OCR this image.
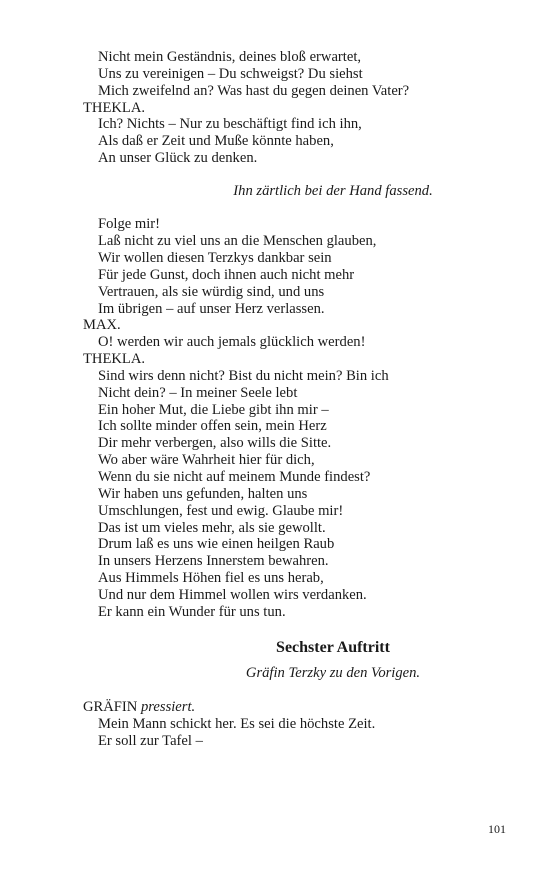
Nicht mein Geständnis, deines bloß erwartet,
Uns zu vereinigen – Du schweigst? Du siehst
Mich zweifelnd an? Was hast du gegen deinen Vater?
THEKLA.
Ich? Nichts – Nur zu beschäftigt find ich ihn,
Als daß er Zeit und Muße könnte haben,
An unser Glück zu denken.
Ihn zärtlich bei der Hand fassend.
Folge mir!
Laß nicht zu viel uns an die Menschen glauben,
Wir wollen diesen Terzkys dankbar sein
Für jede Gunst, doch ihnen auch nicht mehr
Vertrauen, als sie würdig sind, und uns
Im übrigen – auf unser Herz verlassen.
MAX.
O! werden wir auch jemals glücklich werden!
THEKLA.
Sind wirs denn nicht? Bist du nicht mein? Bin ich
Nicht dein? – In meiner Seele lebt
Ein hoher Mut, die Liebe gibt ihn mir –
Ich sollte minder offen sein, mein Herz
Dir mehr verbergen, also wills die Sitte.
Wo aber wäre Wahrheit hier für dich,
Wenn du sie nicht auf meinem Munde findest?
Wir haben uns gefunden, halten uns
Umschlungen, fest und ewig. Glaube mir!
Das ist um vieles mehr, als sie gewollt.
Drum laß es uns wie einen heilgen Raub
In unsers Herzens Innerstem bewahren.
Aus Himmels Höhen fiel es uns herab,
Und nur dem Himmel wollen wirs verdanken.
Er kann ein Wunder für uns tun.
Sechster Auftritt
Gräfin Terzky zu den Vorigen.
GRÄFIN pressiert.
Mein Mann schickt her. Es sei die höchste Zeit.
Er soll zur Tafel –
101
